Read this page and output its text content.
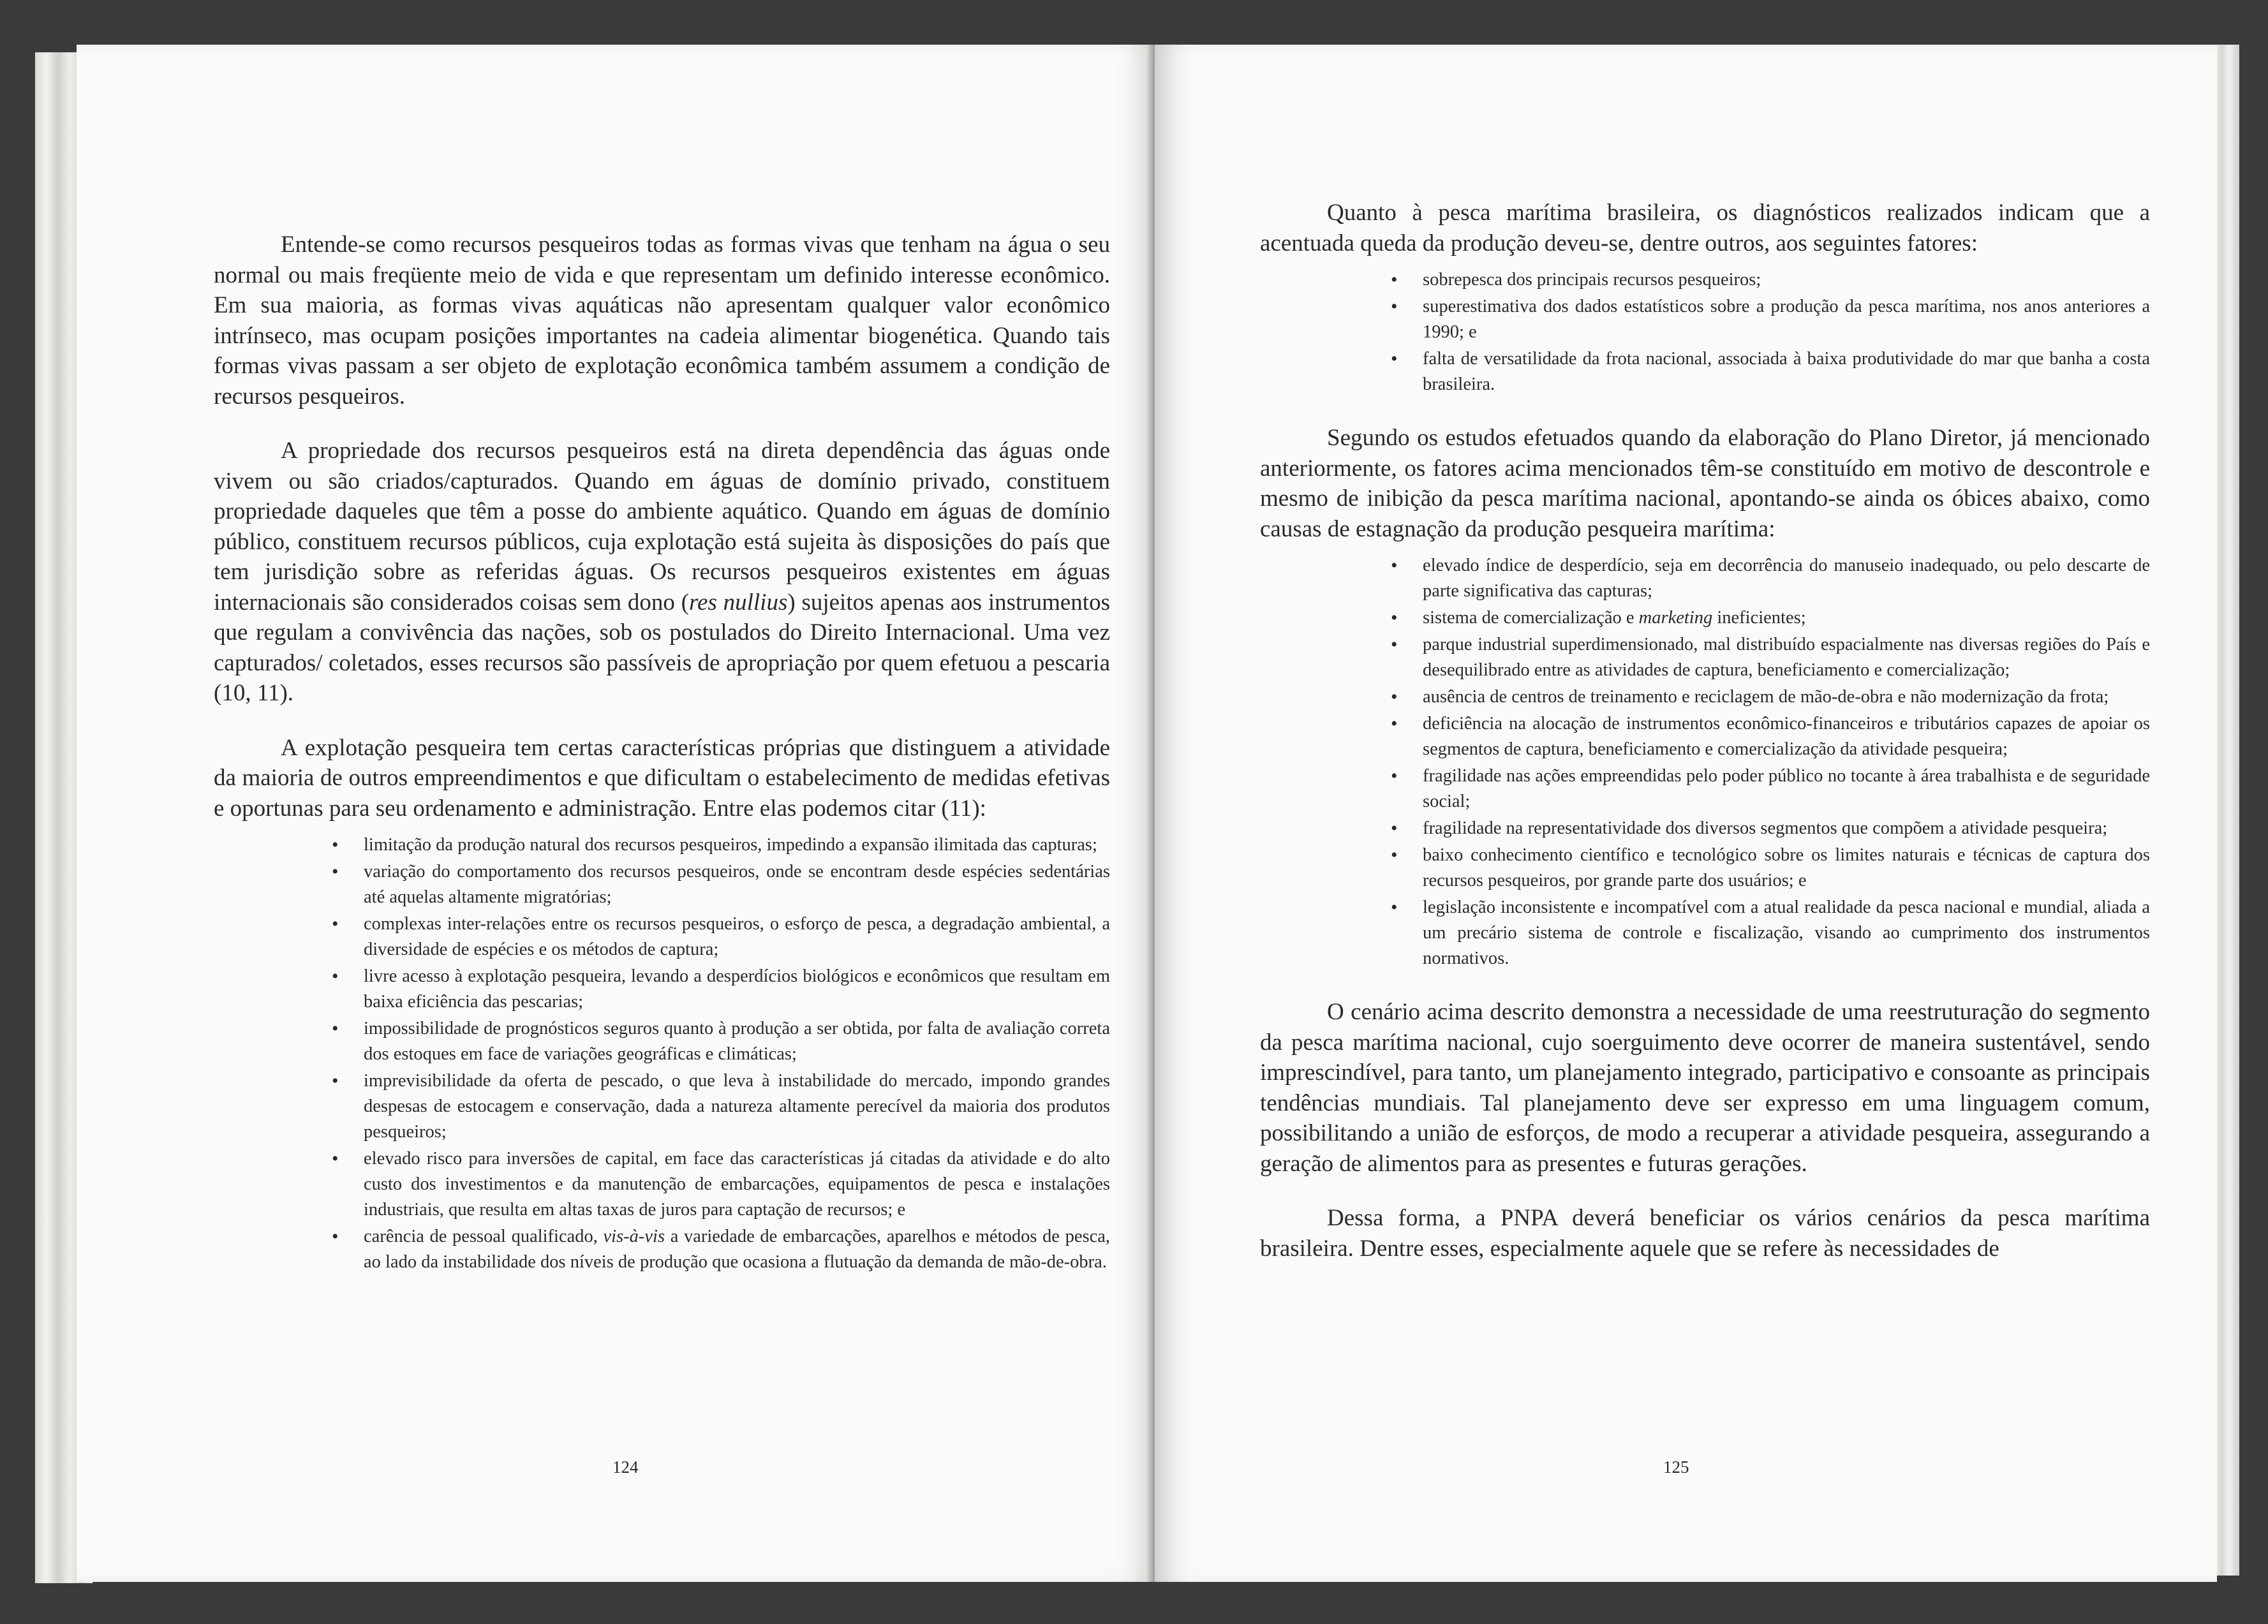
Entende-se como recursos pesqueiros todas as formas vivas que tenham na água o seu normal ou mais freqüente meio de vida e que representam um definido interesse econômico. Em sua maioria, as formas vivas aquáticas não apresentam qualquer valor econômico intrínseco, mas ocupam posições importantes na cadeia alimentar biogenética. Quando tais formas vivas passam a ser objeto de explotação econômica também assumem a condição de recursos pesqueiros.

A propriedade dos recursos pesqueiros está na direta dependência das águas onde vivem ou são criados/capturados. Quando em águas de domínio privado, constituem propriedade daqueles que têm a posse do ambiente aquático. Quando em águas de domínio público, constituem recursos públicos, cuja explotação está sujeita às disposições do país que tem jurisdição sobre as referidas águas. Os recursos pesqueiros existentes em águas internacionais são considerados coisas sem dono (res nullius) sujeitos apenas aos instrumentos que regulam a convivência das nações, sob os postulados do Direito Internacional. Uma vez capturados/ coletados, esses recursos são passíveis de apropriação por quem efetuou a pescaria (10, 11).

A explotação pesqueira tem certas características próprias que distinguem a atividade da maioria de outros empreendimentos e que dificultam o estabelecimento de medidas efetivas e oportunas para seu ordenamento e administração. Entre elas podemos citar (11):

• limitação da produção natural dos recursos pesqueiros, impedindo a expansão ilimitada das capturas;
• variação do comportamento dos recursos pesqueiros, onde se encontram desde espécies sedentárias até aquelas altamente migratórias;
• complexas inter-relações entre os recursos pesqueiros, o esforço de pesca, a degradação ambiental, a diversidade de espécies e os métodos de captura;
• livre acesso à explotação pesqueira, levando a desperdícios biológicos e econômicos que resultam em baixa eficiência das pescarias;
• impossibilidade de prognósticos seguros quanto à produção a ser obtida, por falta de avaliação correta dos estoques em face de variações geográficas e climáticas;
• imprevisibilidade da oferta de pescado, o que leva à instabilidade do mercado, impondo grandes despesas de estocagem e conservação, dada a natureza altamente perecível da maioria dos produtos pesqueiros;
• elevado risco para inversões de capital, em face das características já citadas da atividade e do alto custo dos investimentos e da manutenção de embarcações, equipamentos de pesca e instalações industriais, que resulta em altas taxas de juros para captação de recursos; e
• carência de pessoal qualificado, vis-à-vis a variedade de embarcações, aparelhos e métodos de pesca, ao lado da instabilidade dos níveis de produção que ocasiona a flutuação da demanda de mão-de-obra.
124

Quanto à pesca marítima brasileira, os diagnósticos realizados indicam que a acentuada queda da produção deveu-se, dentre outros, aos seguintes fatores:

• sobrepesca dos principais recursos pesqueiros;
• superestimativa dos dados estatísticos sobre a produção da pesca marítima, nos anos anteriores a 1990; e
• falta de versatilidade da frota nacional, associada à baixa produtividade do mar que banha a costa brasileira.

Segundo os estudos efetuados quando da elaboração do Plano Diretor, já mencionado anteriormente, os fatores acima mencionados têm-se constituído em motivo de descontrole e mesmo de inibição da pesca marítima nacional, apontando-se ainda os óbices abaixo, como causas de estagnação da produção pesqueira marítima:

• elevado índice de desperdício, seja em decorrência do manuseio inadequado, ou pelo descarte de parte significativa das capturas;
• sistema de comercialização e marketing ineficientes;
• parque industrial superdimensionado, mal distribuído espacialmente nas diversas regiões do País e desequilibrado entre as atividades de captura, beneficiamento e comercialização;
• ausência de centros de treinamento e reciclagem de mão-de-obra e não modernização da frota;
• deficiência na alocação de instrumentos econômico-financeiros e tributários capazes de apoiar os segmentos de captura, beneficiamento e comercialização da atividade pesqueira;
• fragilidade nas ações empreendidas pelo poder público no tocante à área trabalhista e de seguridade social;
• fragilidade na representatividade dos diversos segmentos que compõem a atividade pesqueira;
• baixo conhecimento científico e tecnológico sobre os limites naturais e técnicas de captura dos recursos pesqueiros, por grande parte dos usuários; e
• legislação inconsistente e incompatível com a atual realidade da pesca nacional e mundial, aliada a um precário sistema de controle e fiscalização, visando ao cumprimento dos instrumentos normativos.

O cenário acima descrito demonstra a necessidade de uma reestruturação do segmento da pesca marítima nacional, cujo soerguimento deve ocorrer de maneira sustentável, sendo imprescindível, para tanto, um planejamento integrado, participativo e consoante as principais tendências mundiais. Tal planejamento deve ser expresso em uma linguagem comum, possibilitando a união de esforços, de modo a recuperar a atividade pesqueira, assegurando a geração de alimentos para as presentes e futuras gerações.

Dessa forma, a PNPA deverá beneficiar os vários cenários da pesca marítima brasileira. Dentre esses, especialmente aquele que se refere às necessidades de

125
